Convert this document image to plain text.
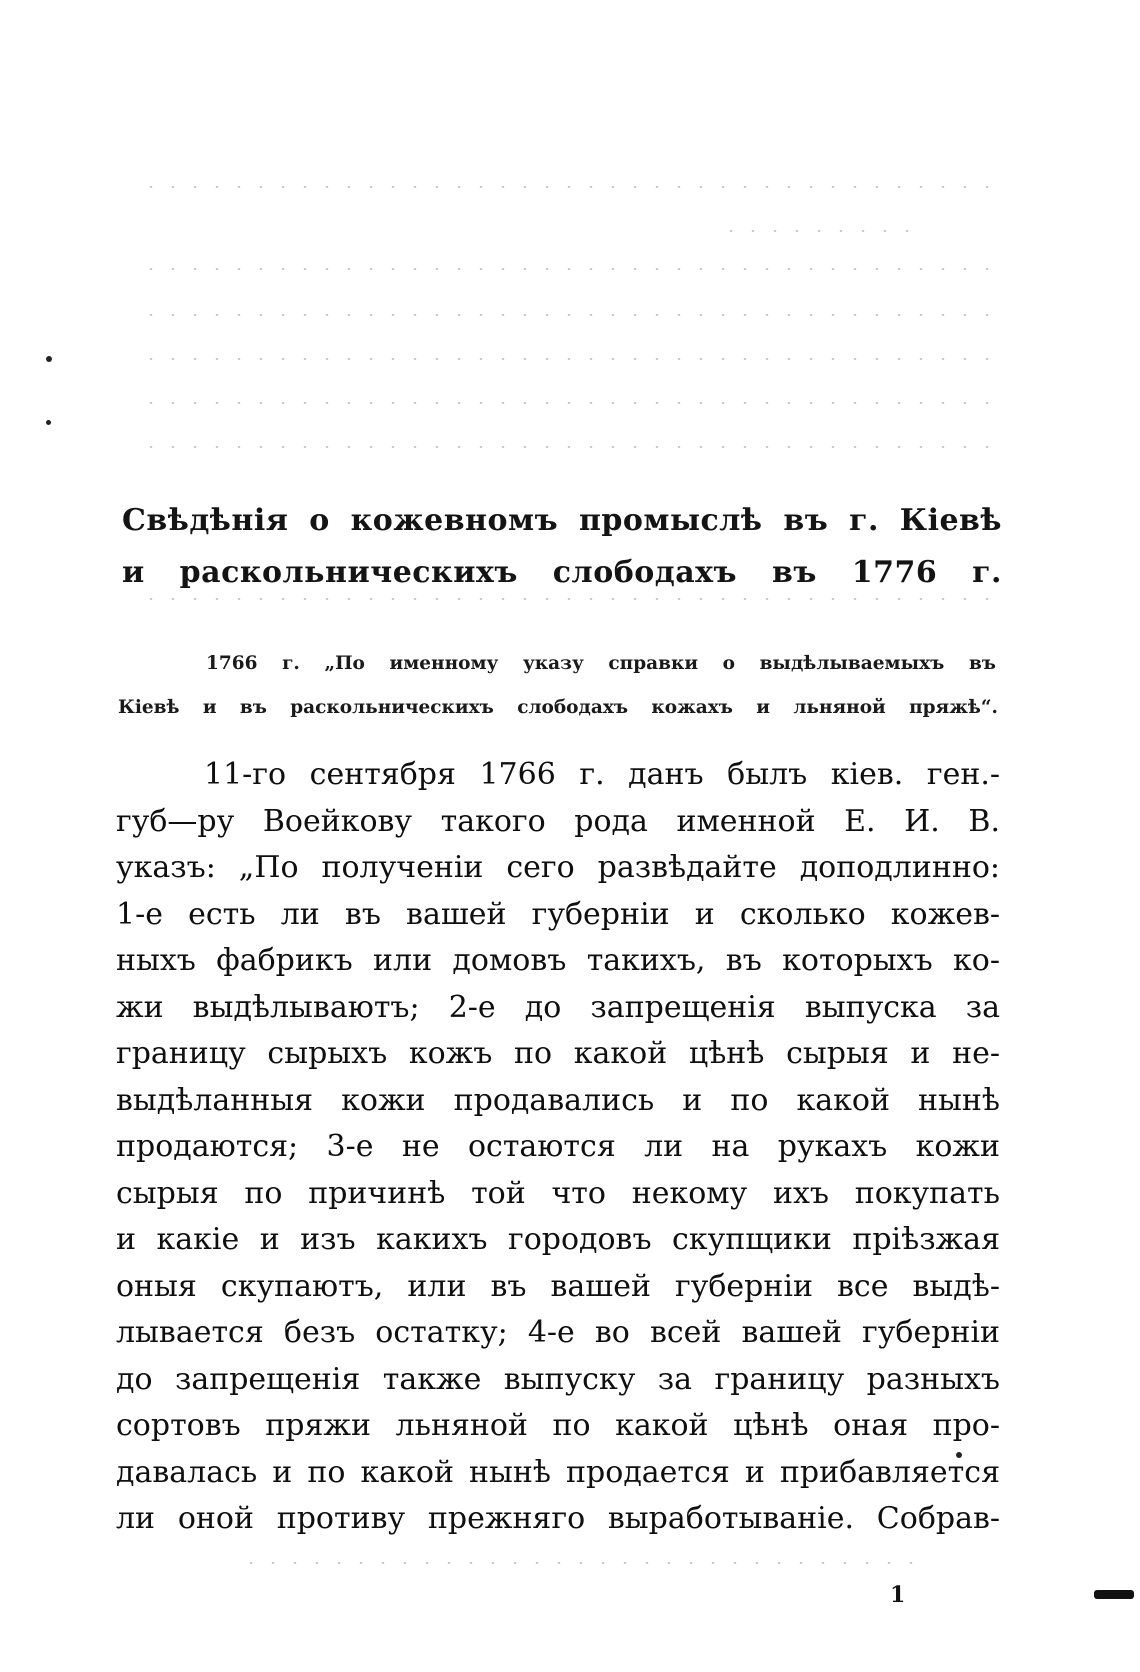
Свѣдѣнія о кожевномъ промыслѣ въ г. Кіевѣ
и раскольническихъ слободахъ въ 1776 г.
1766 г. „По именному указу справки о выдѣлываемыхъ въ
Кіевѣ и въ раскольническихъ слободахъ кожахъ и льняной пряжѣ“.
11-го сентября 1766 г. данъ былъ кіев. ген.-
губ—ру Воейкову такого рода именной Е. И. В.
указъ: „По полученіи сего развѣдайте доподлинно:
1-е есть ли въ вашей губерніи и сколько кожев-
ныхъ фабрикъ или домовъ такихъ, въ которыхъ ко-
жи выдѣлываютъ; 2-е до запрещенія выпуска за
границу сырыхъ кожъ по какой цѣнѣ сырыя и не-
выдѣланныя кожи продавались и по какой нынѣ
продаются; 3-е не остаются ли на рукахъ кожи
сырыя по причинѣ той что некому ихъ покупать
и какіе и изъ какихъ городовъ скупщики пріѣзжая
оныя скупаютъ, или въ вашей губерніи все выдѣ-
лывается безъ остатку; 4-е во всей вашей губерніи
до запрещенія также выпуску за границу разныхъ
сортовъ пряжи льняной по какой цѣнѣ оная про-
давалась и по какой нынѣ продается и прибавляется
ли оной противу прежняго выработываніе. Собрав-
1
